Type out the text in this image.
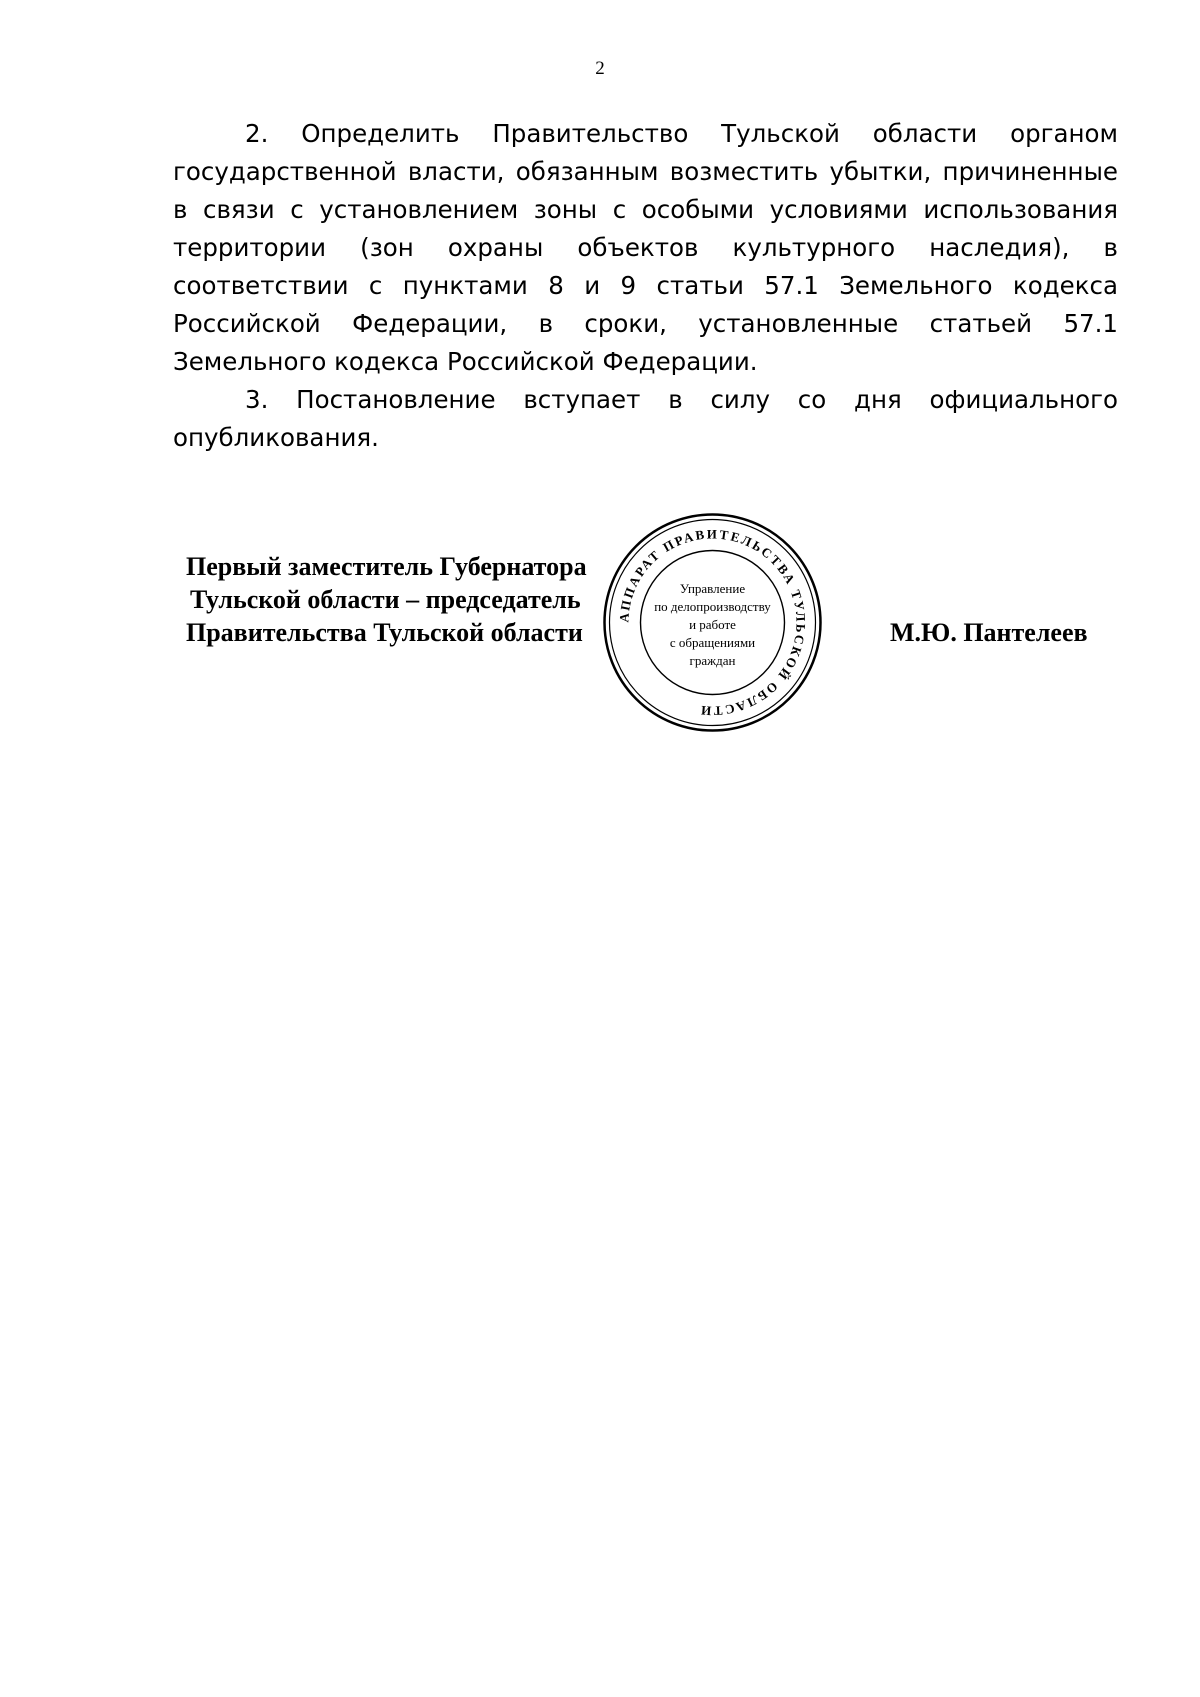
2

2. Определить Правительство Тульской области органом государственной власти, обязанным возместить убытки, причиненные в связи с установлением зоны с особыми условиями использования территории (зон охраны объектов культурного наследия), в соответствии с пунктами 8 и 9 статьи 57.1 Земельного кодекса Российской Федерации, в сроки, установленные статьей 57.1 Земельного кодекса Российской Федерации.

3. Постановление вступает в силу со дня официального опубликования.

Первый заместитель Губернатора
Тульской области – председатель
Правительства Тульской области	М.Ю. Пантелеев
АППАРАТ ПРАВИТЕЛЬСТВА ТУЛЬСКОЙ ОБЛАСТИ
Управление
по делопроизводству
и работе
с обращениями
граждан
